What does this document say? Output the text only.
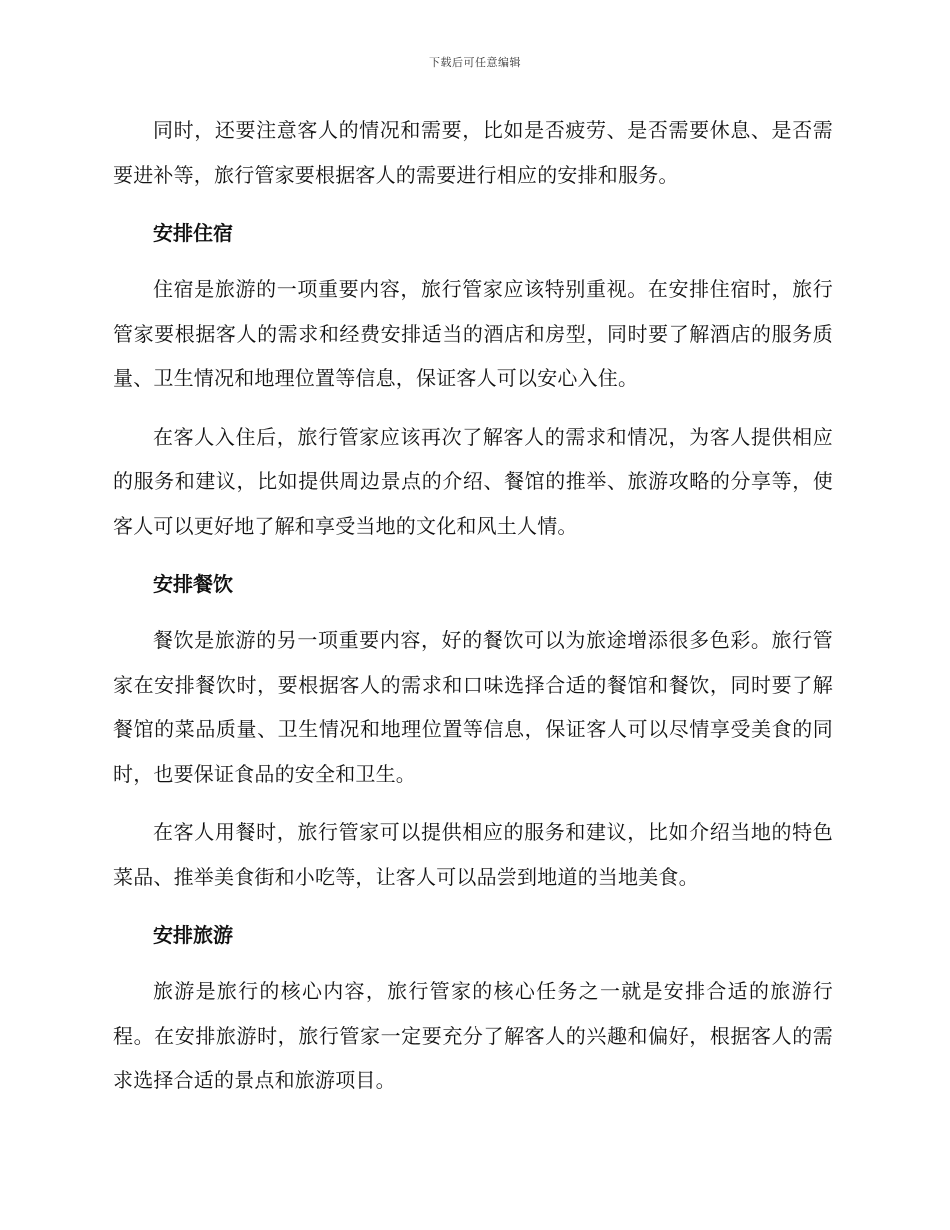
下载后可任意编辑

同时，还要注意客人的情况和需要，比如是否疲劳、是否需要休息、是否需要进补等，旅行管家要根据客人的需要进行相应的安排和服务。

安排住宿

住宿是旅游的一项重要内容，旅行管家应该特别重视。在安排住宿时，旅行管家要根据客人的需求和经费安排适当的酒店和房型，同时要了解酒店的服务质量、卫生情况和地理位置等信息，保证客人可以安心入住。

在客人入住后，旅行管家应该再次了解客人的需求和情况，为客人提供相应的服务和建议，比如提供周边景点的介绍、餐馆的推举、旅游攻略的分享等，使客人可以更好地了解和享受当地的文化和风土人情。

安排餐饮

餐饮是旅游的另一项重要内容，好的餐饮可以为旅途增添很多色彩。旅行管家在安排餐饮时，要根据客人的需求和口味选择合适的餐馆和餐饮，同时要了解餐馆的菜品质量、卫生情况和地理位置等信息，保证客人可以尽情享受美食的同时，也要保证食品的安全和卫生。

在客人用餐时，旅行管家可以提供相应的服务和建议，比如介绍当地的特色菜品、推举美食街和小吃等，让客人可以品尝到地道的当地美食。

安排旅游

旅游是旅行的核心内容，旅行管家的核心任务之一就是安排合适的旅游行程。在安排旅游时，旅行管家一定要充分了解客人的兴趣和偏好，根据客人的需求选择合适的景点和旅游项目。
